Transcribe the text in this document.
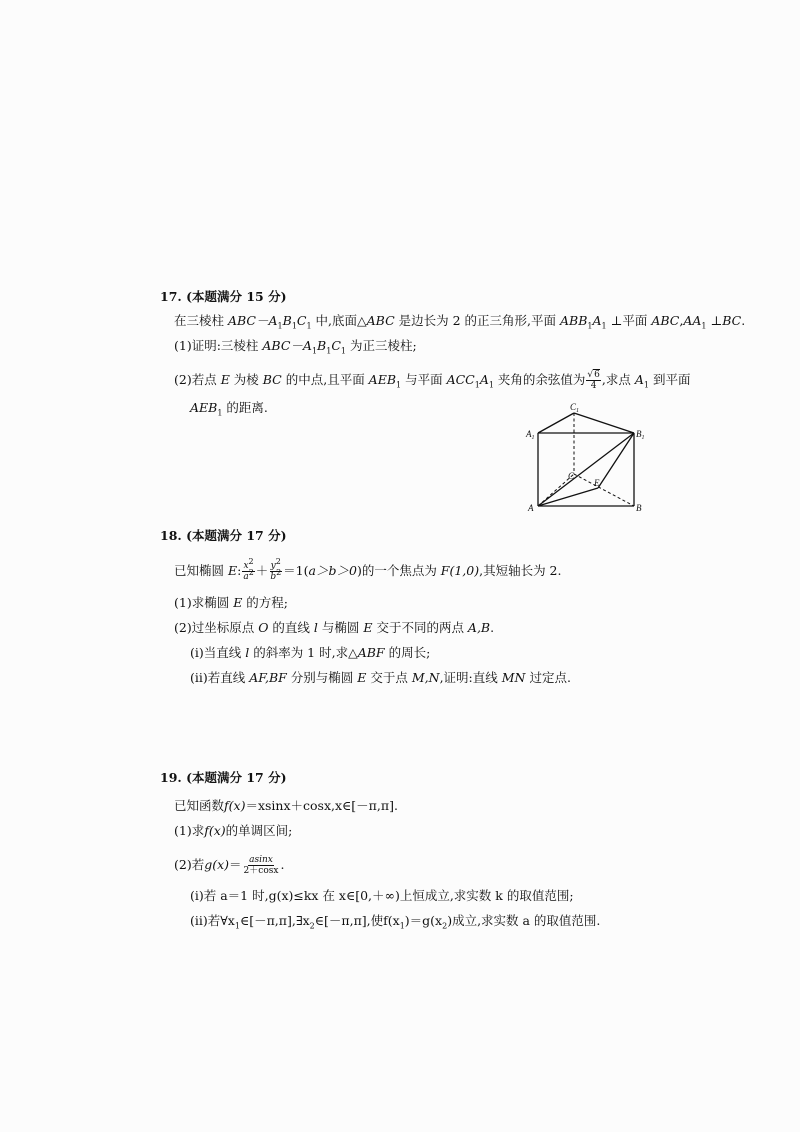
17. (本题满分 15 分)
在三棱柱 $ABC-A_1B_1C_1$ 中,底面△ABC 是边长为 2 的正三角形,平面 $ABB_1A_1$ ⊥平面 $ABC,AA_1$ ⊥BC.
(1)证明:三棱柱 $ABC-A_1B_1C_1$ 为正三棱柱;
(2)若点 E 为棱 BC 的中点,且平面 $AEB_1$ 与平面 $ACC_1A_1$ 夹角的余弦值为 $\frac{√6}{4}$ ,求点 $A_1$ 到平面
$AEB_1$ 的距离.
$A_1$	$B_1$
$C_1$
A	B
C
E
18. (本题满分 17 分)
已知椭圆 E: $\frac{x^2}{a^2} + \frac{y^2}{b^2} =1(a>b>0)$的一个焦点为 F(1,0),其短轴长为 2.
(1)求椭圆 E 的方程;
(2)过坐标原点 O 的直线 l 与椭圆 E 交于不同的两点 A,B.
(ⅰ)当直线 l 的斜率为 1 时,求△ABF 的周长;
(ⅱ)若直线 AF,BF 分别与椭圆 E 交于点 M,N,证明:直线 MN 过定点.
19. (本题满分 17 分)
已知函数f(x)＝xsinx＋cosx,x∈[－π,π].
(1)求f(x)的单调区间;
(2)若$g(x)= \frac{asinx}{2+\cos x}$ .
(ⅰ)若 a＝1 时,g(x)≤kx 在 x∈[0,＋∞)上恒成立,求实数 k 的取值范围;
(ⅱ)若$\forall x_1\in[-\pi,\pi],\exists x_2\in[-\pi,\pi]$,使$f(x_1)=g(x_2)$成立,求实数 a 的取值范围.
